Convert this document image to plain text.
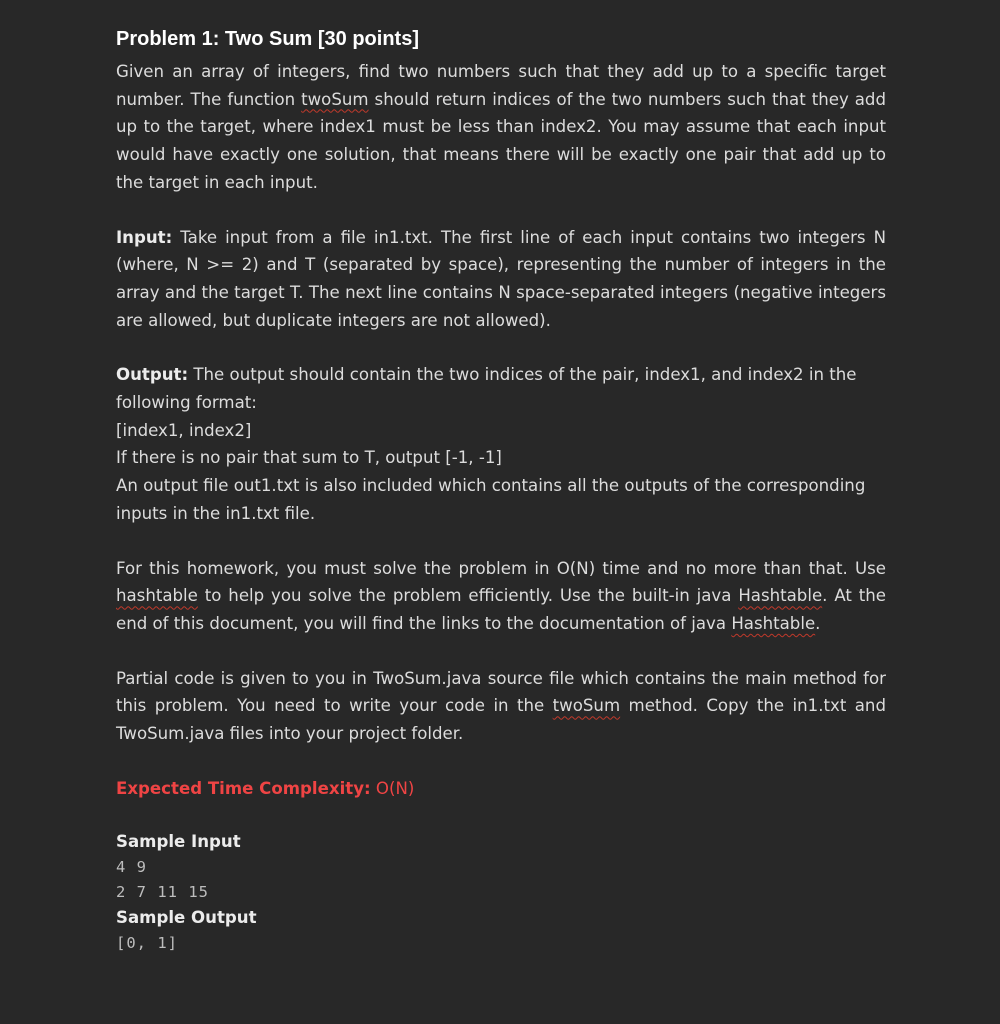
Problem 1: Two Sum [30 points]

Given an array of integers, find two numbers such that they add up to a specific target number. The function twoSum should return indices of the two numbers such that they add up to the target, where index1 must be less than index2. You may assume that each input would have exactly one solution, that means there will be exactly one pair that add up to the target in each input.

Input: Take input from a file in1.txt. The first line of each input contains two integers N (where, N >= 2) and T (separated by space), representing the number of integers in the array and the target T. The next line contains N space-separated integers (negative integers are allowed, but duplicate integers are not allowed).

Output: The output should contain the two indices of the pair, index1, and index2 in the following format:
[index1, index2]
If there is no pair that sum to T, output [-1, -1]
An output file out1.txt is also included which contains all the outputs of the corresponding inputs in the in1.txt file.

For this homework, you must solve the problem in O(N) time and no more than that. Use hashtable to help you solve the problem efficiently. Use the built-in java Hashtable. At the end of this document, you will find the links to the documentation of java Hashtable.

Partial code is given to you in TwoSum.java source file which contains the main method for this problem. You need to write your code in the twoSum method. Copy the in1.txt and TwoSum.java files into your project folder.

Expected Time Complexity: O(N)

Sample Input
4 9
2 7 11 15
Sample Output
[0, 1]
